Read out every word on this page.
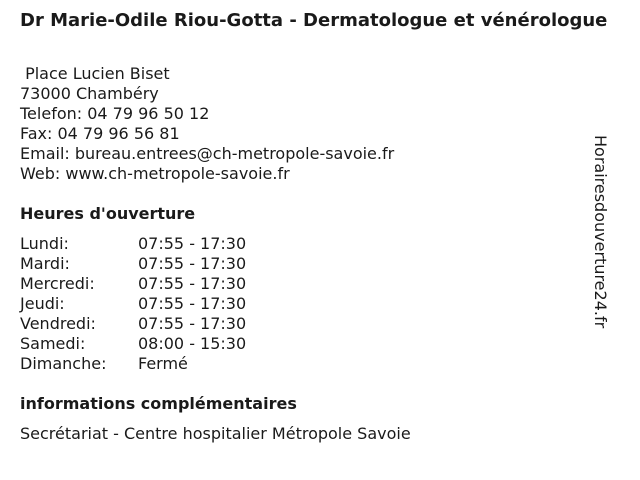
Dr Marie-Odile Riou-Gotta - Dermatologue et vénérologue
Place Lucien Biset
73000 Chambéry
Telefon: 04 79 96 50 12
Fax: 04 79 96 56 81
Email: bureau.entrees@ch-metropole-savoie.fr
Web: www.ch-metropole-savoie.fr
Heures d'ouverture
Lundi:	07:55 - 17:30
Mardi:	07:55 - 17:30
Mercredi:	07:55 - 17:30
Jeudi:	07:55 - 17:30
Vendredi:	07:55 - 17:30
Samedi:	08:00 - 15:30
Dimanche: Fermé
informations complémentaires
Secrétariat - Centre hospitalier Métropole Savoie
Horairesdouverture24.fr
